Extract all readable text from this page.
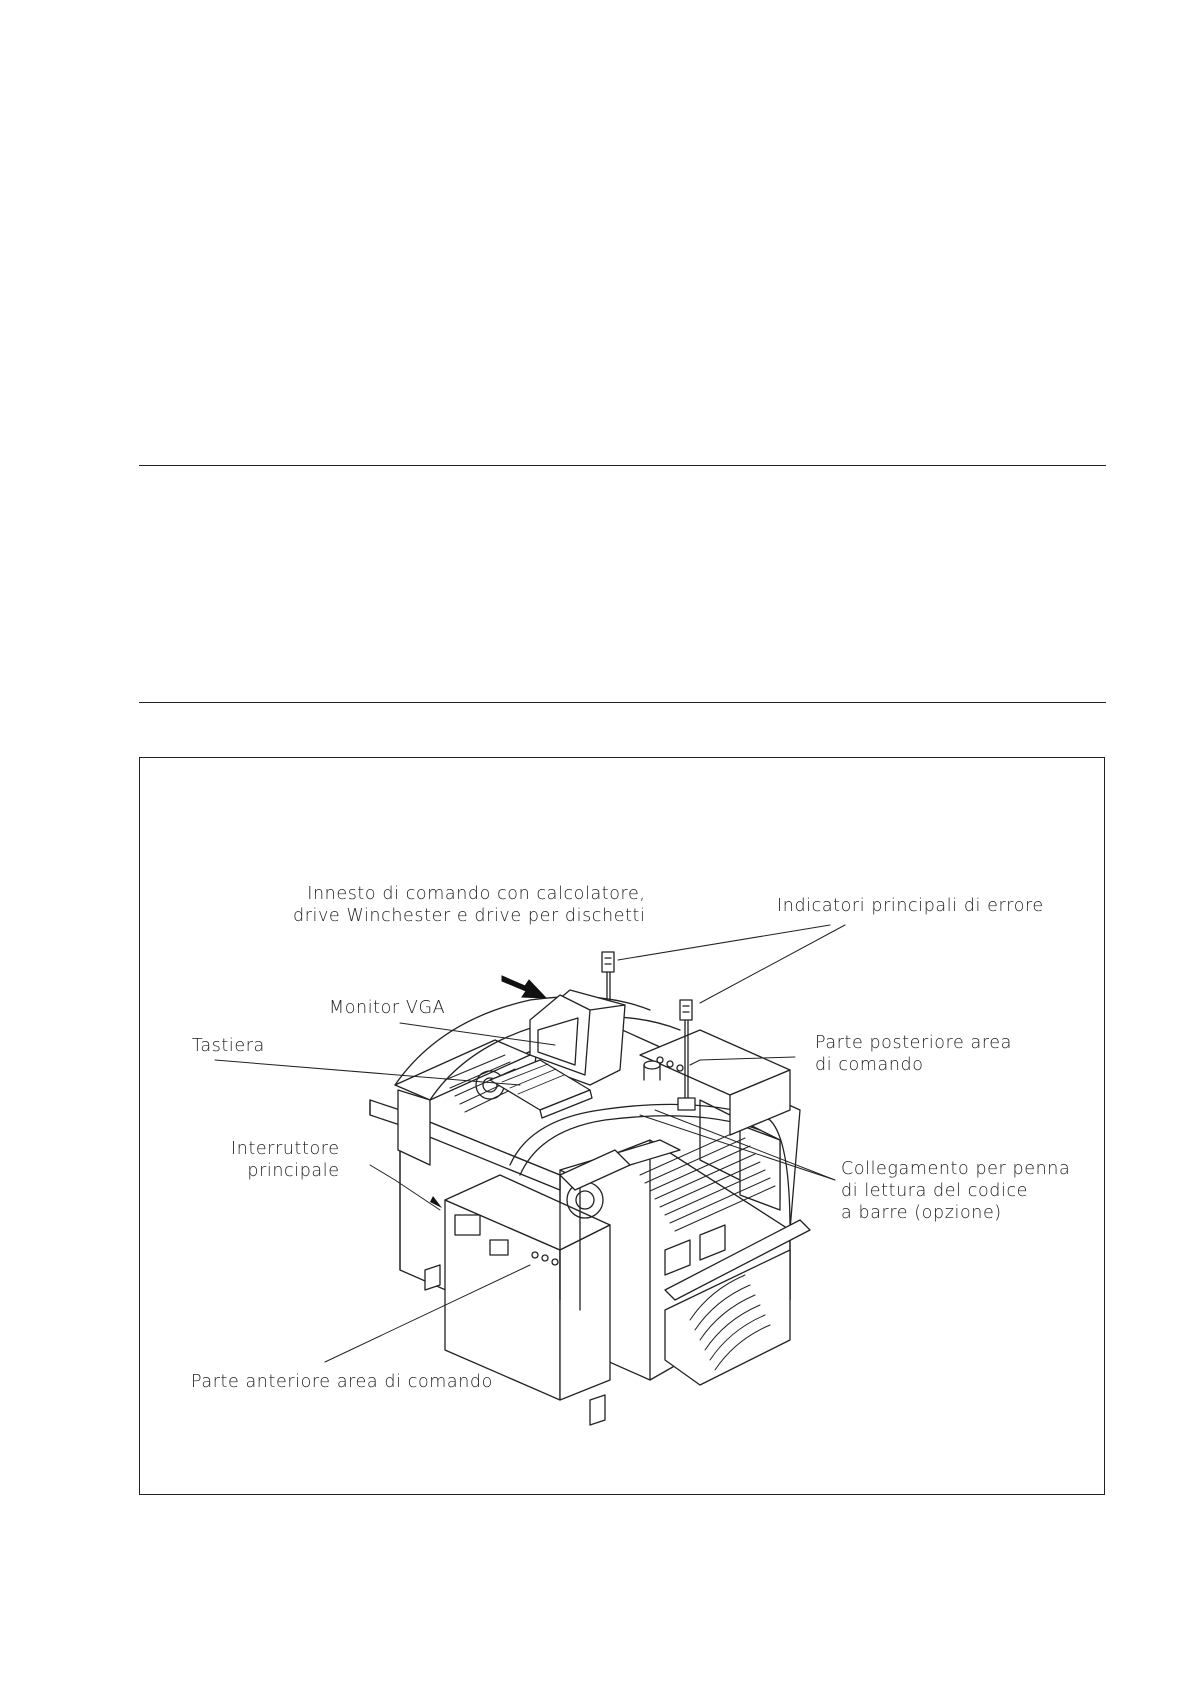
Innesto di comando con calcolatore,
drive Winchester e drive per dischetti	Indicatori principali di errore
Monitor VGA
Tastiera	Parte posteriore area
di comando
Interruttore
principale	Collegamento per penna
di lettura del codice
a barre (opzione)
Parte anteriore area di comando
